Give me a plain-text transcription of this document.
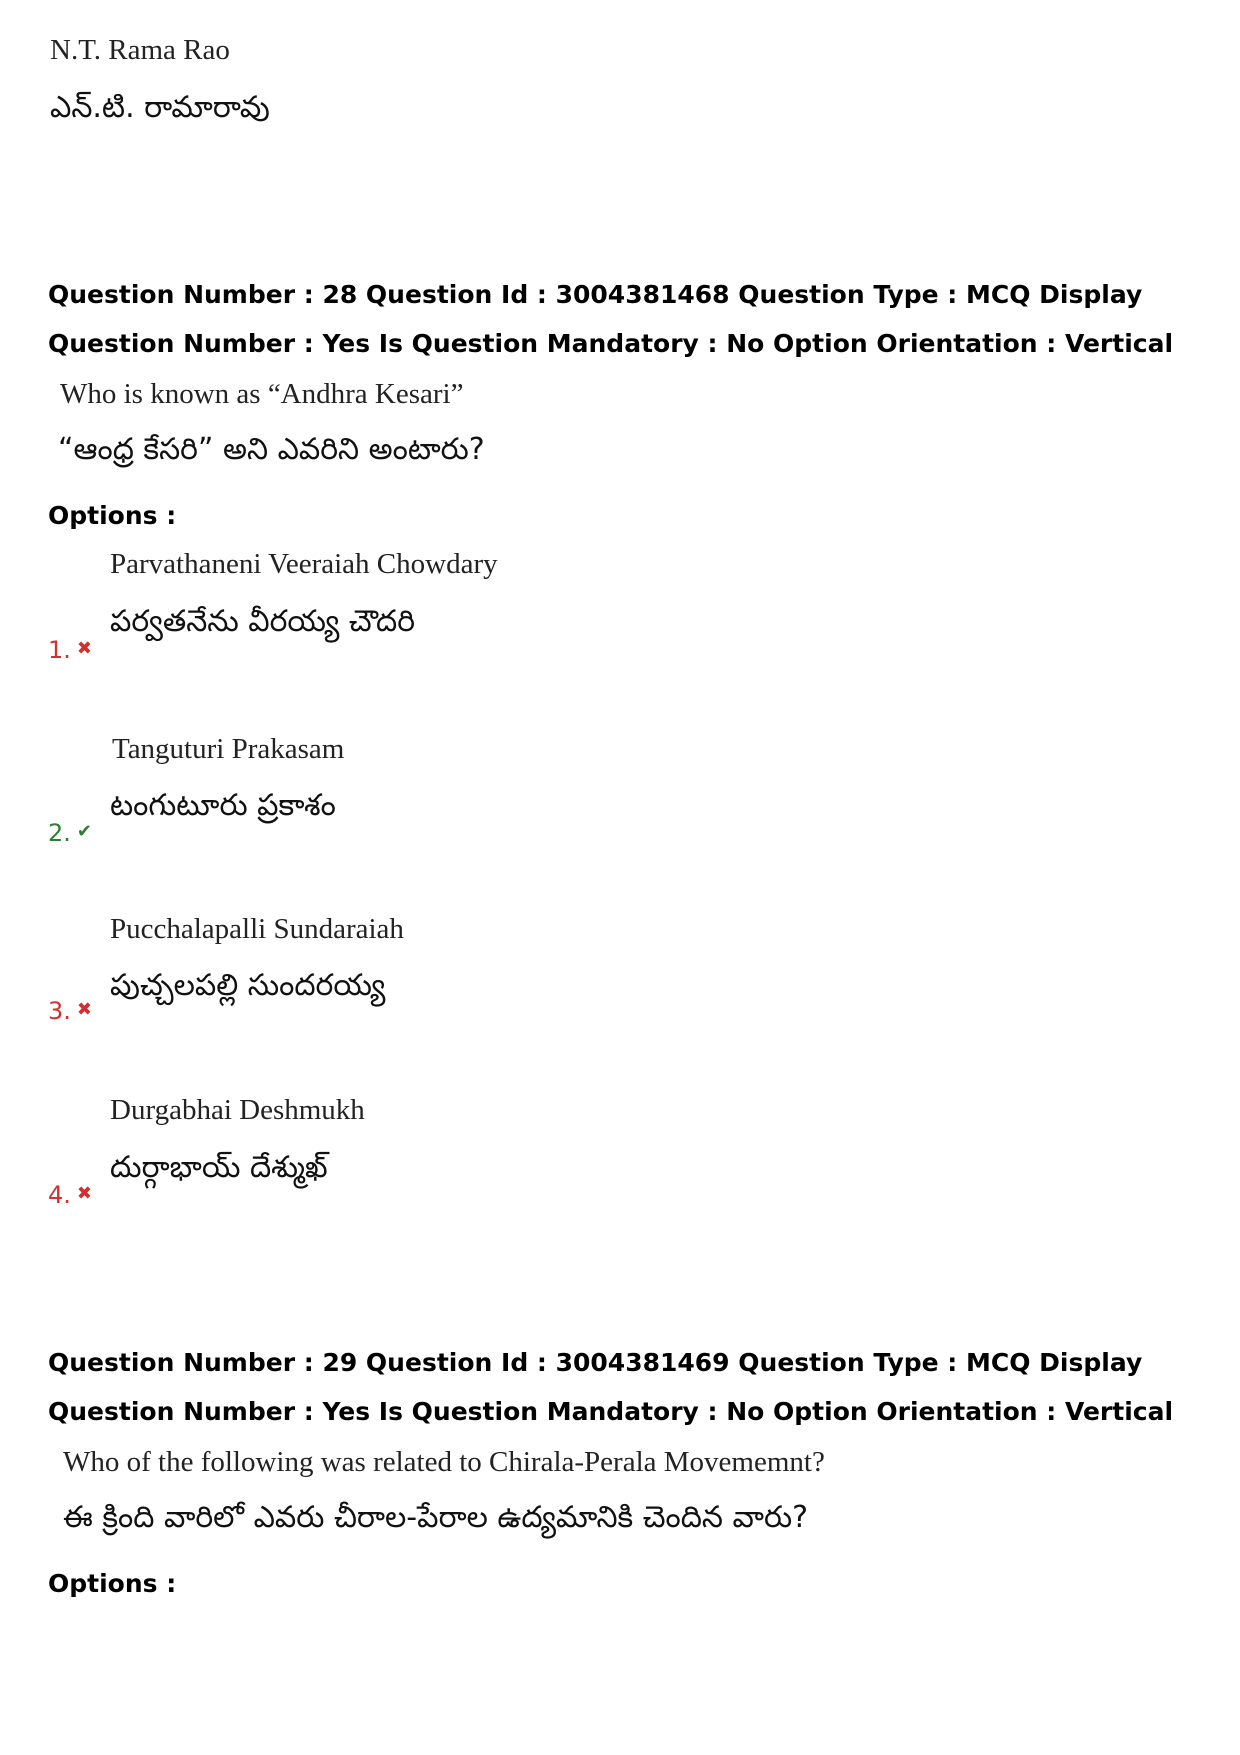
N.T. Rama Rao
ఎన్.టి. రామారావు
Question Number : 28 Question Id : 3004381468 Question Type : MCQ Display Question Number : Yes Is Question Mandatory : No Option Orientation : Vertical
Who is known as “Andhra Kesari”
“ఆంధ్ర కేసరి” అని ఎవరిని అంటారు?
Options :
Parvathaneni Veeraiah Chowdary
పర్వతనేను వీరయ్య చౌదరి
1. ✖
Tanguturi Prakasam
టంగుటూరు ప్రకాశం
2. ✔
Pucchalapalli Sundaraiah
పుచ్చలపల్లి సుందరయ్య
3. ✖
Durgabhai Deshmukh
దుర్గాభాయ్ దేశ్ముఖ్
4. ✖
Question Number : 29 Question Id : 3004381469 Question Type : MCQ Display Question Number : Yes Is Question Mandatory : No Option Orientation : Vertical
Who of the following was related to Chirala-Perala Movememnt?
ఈ క్రింది వారిలో ఎవరు చీరాల-పేరాల ఉద్యమానికి చెందిన వారు?
Options :
